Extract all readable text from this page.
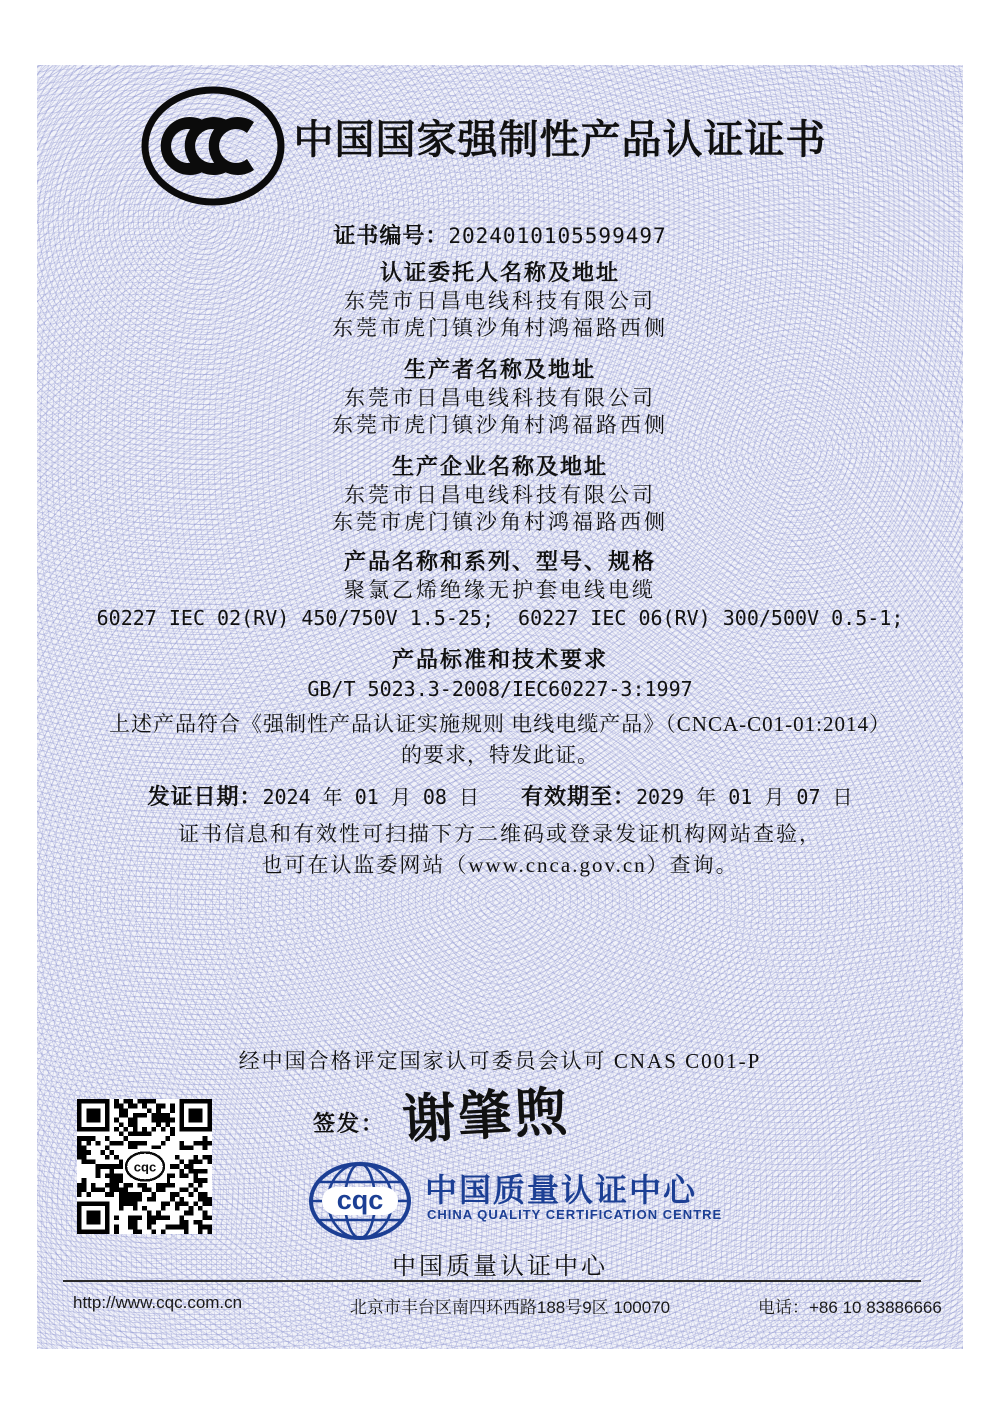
中国国家强制性产品认证证书
证书编号：2024010105599497
认证委托人名称及地址
东莞市日昌电线科技有限公司
东莞市虎门镇沙角村鸿福路西侧
生产者名称及地址
东莞市日昌电线科技有限公司
东莞市虎门镇沙角村鸿福路西侧
生产企业名称及地址
东莞市日昌电线科技有限公司
东莞市虎门镇沙角村鸿福路西侧
产品名称和系列、型号、规格
聚氯乙烯绝缘无护套电线电缆
60227 IEC 02(RV) 450/750V 1.5-25;  60227 IEC 06(RV) 300/500V 0.5-1;
产品标准和技术要求
GB/T 5023.3-2008/IEC60227-3:1997
上述产品符合《强制性产品认证实施规则 电线电缆产品》（CNCA-C01-01:2014）
的要求，特发此证。
发证日期：2024 年 01 月 08 日 有效期至：2029 年 01 月 07 日
证书信息和有效性可扫描下方二维码或登录发证机构网站查验，
也可在认监委网站（www.cnca.gov.cn）查询。
经中国合格评定国家认可委员会认可 CNAS C001-P
cqc
签发： 谢肇煦
cqc 中国质量认证中心
CHINA QUALITY CERTIFICATION CENTRE
中国质量认证中心
http://www.cqc.com.cn	北京市丰台区南四环西路188号9区 100070	电话：+86 10 83886666
